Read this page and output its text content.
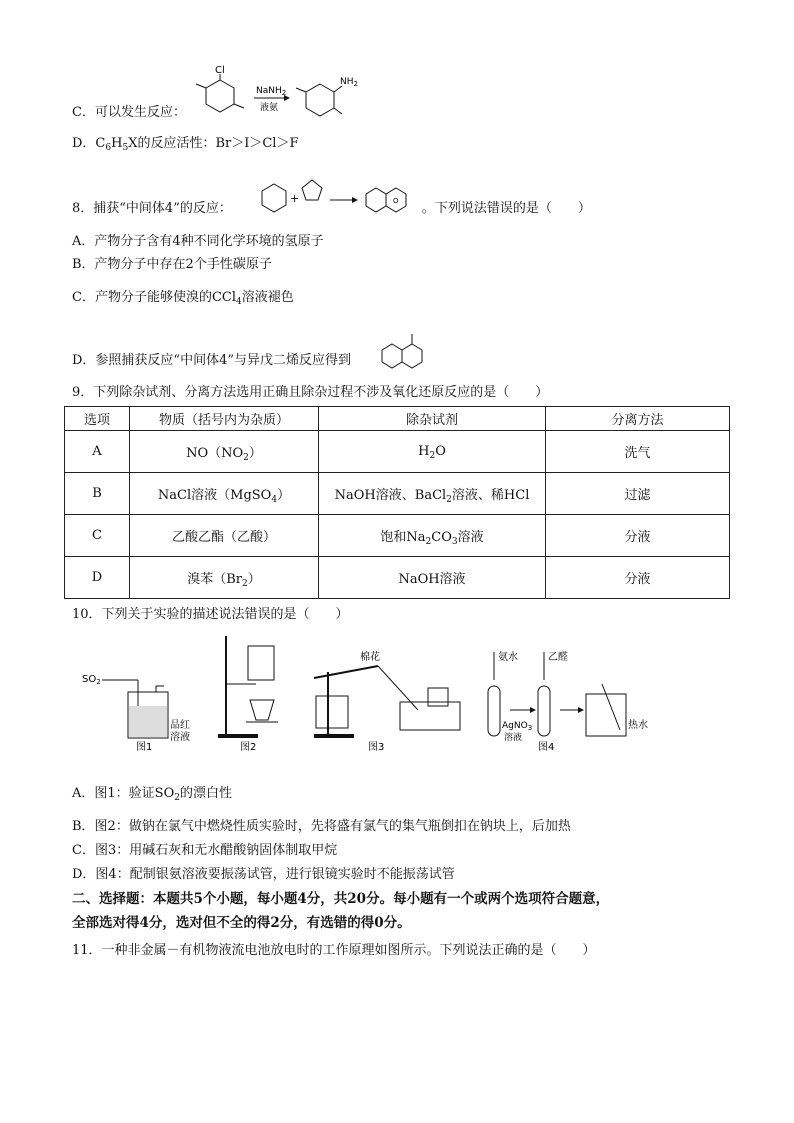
C．可以发生反应：
Cl
NaNH$_2$
液氨
$NH_2$
D．$C_6H_5X$的反应活性：Br＞I＞Cl＞F
8．捕获“中间体4”的反应：	。下列说法错误的是（　　）
+	O
A．产物分子含有4种不同化学环境的氢原子
B．产物分子中存在2个手性碳原子
C．产物分子能够使溴的CCl$_4$溶液褪色
D．参照捕获反应“中间体4”与异戊二烯反应得到
9．下列除杂试剂、分离方法选用正确且除杂过程不涉及氧化还原反应的是（　　）
选项	物质（括号内为杂质）	除杂试剂	分离方法
A	$NO(NO_2)$	$H_2O$	洗气
B	NaCl溶液（MgSO$_4$）	NaOH溶液、BaCl$_2$溶液、稀HCl	过滤
C	乙酸乙酯（乙酸）	饱和$Na_2CO_3$溶液	分液
D	溴苯$(Br_2)$	NaOH溶液	分液
10．下列关于实验的描述说法错误的是（　　）
$SO_2$
品红
溶液
图1	图2
棉花
图3
氨水	乙醛
AgNO$_3$
溶液
热水
图4
A．图1：验证$SO_2$的漂白性
B．图2：做钠在氯气中燃烧性质实验时，先将盛有氯气的集气瓶倒扣在钠块上，后加热
C．图3：用碱石灰和无水醋酸钠固体制取甲烷
D．图4：配制银氨溶液要振荡试管，进行银镜实验时不能振荡试管
二、选择题：本题共5个小题，每小题4分，共20分。每小题有一个或两个选项符合题意，
全部选对得4分，选对但不全的得2分，有选错的得0分。
11．一种非金属－有机物液流电池放电时的工作原理如图所示。下列说法正确的是（　　）
